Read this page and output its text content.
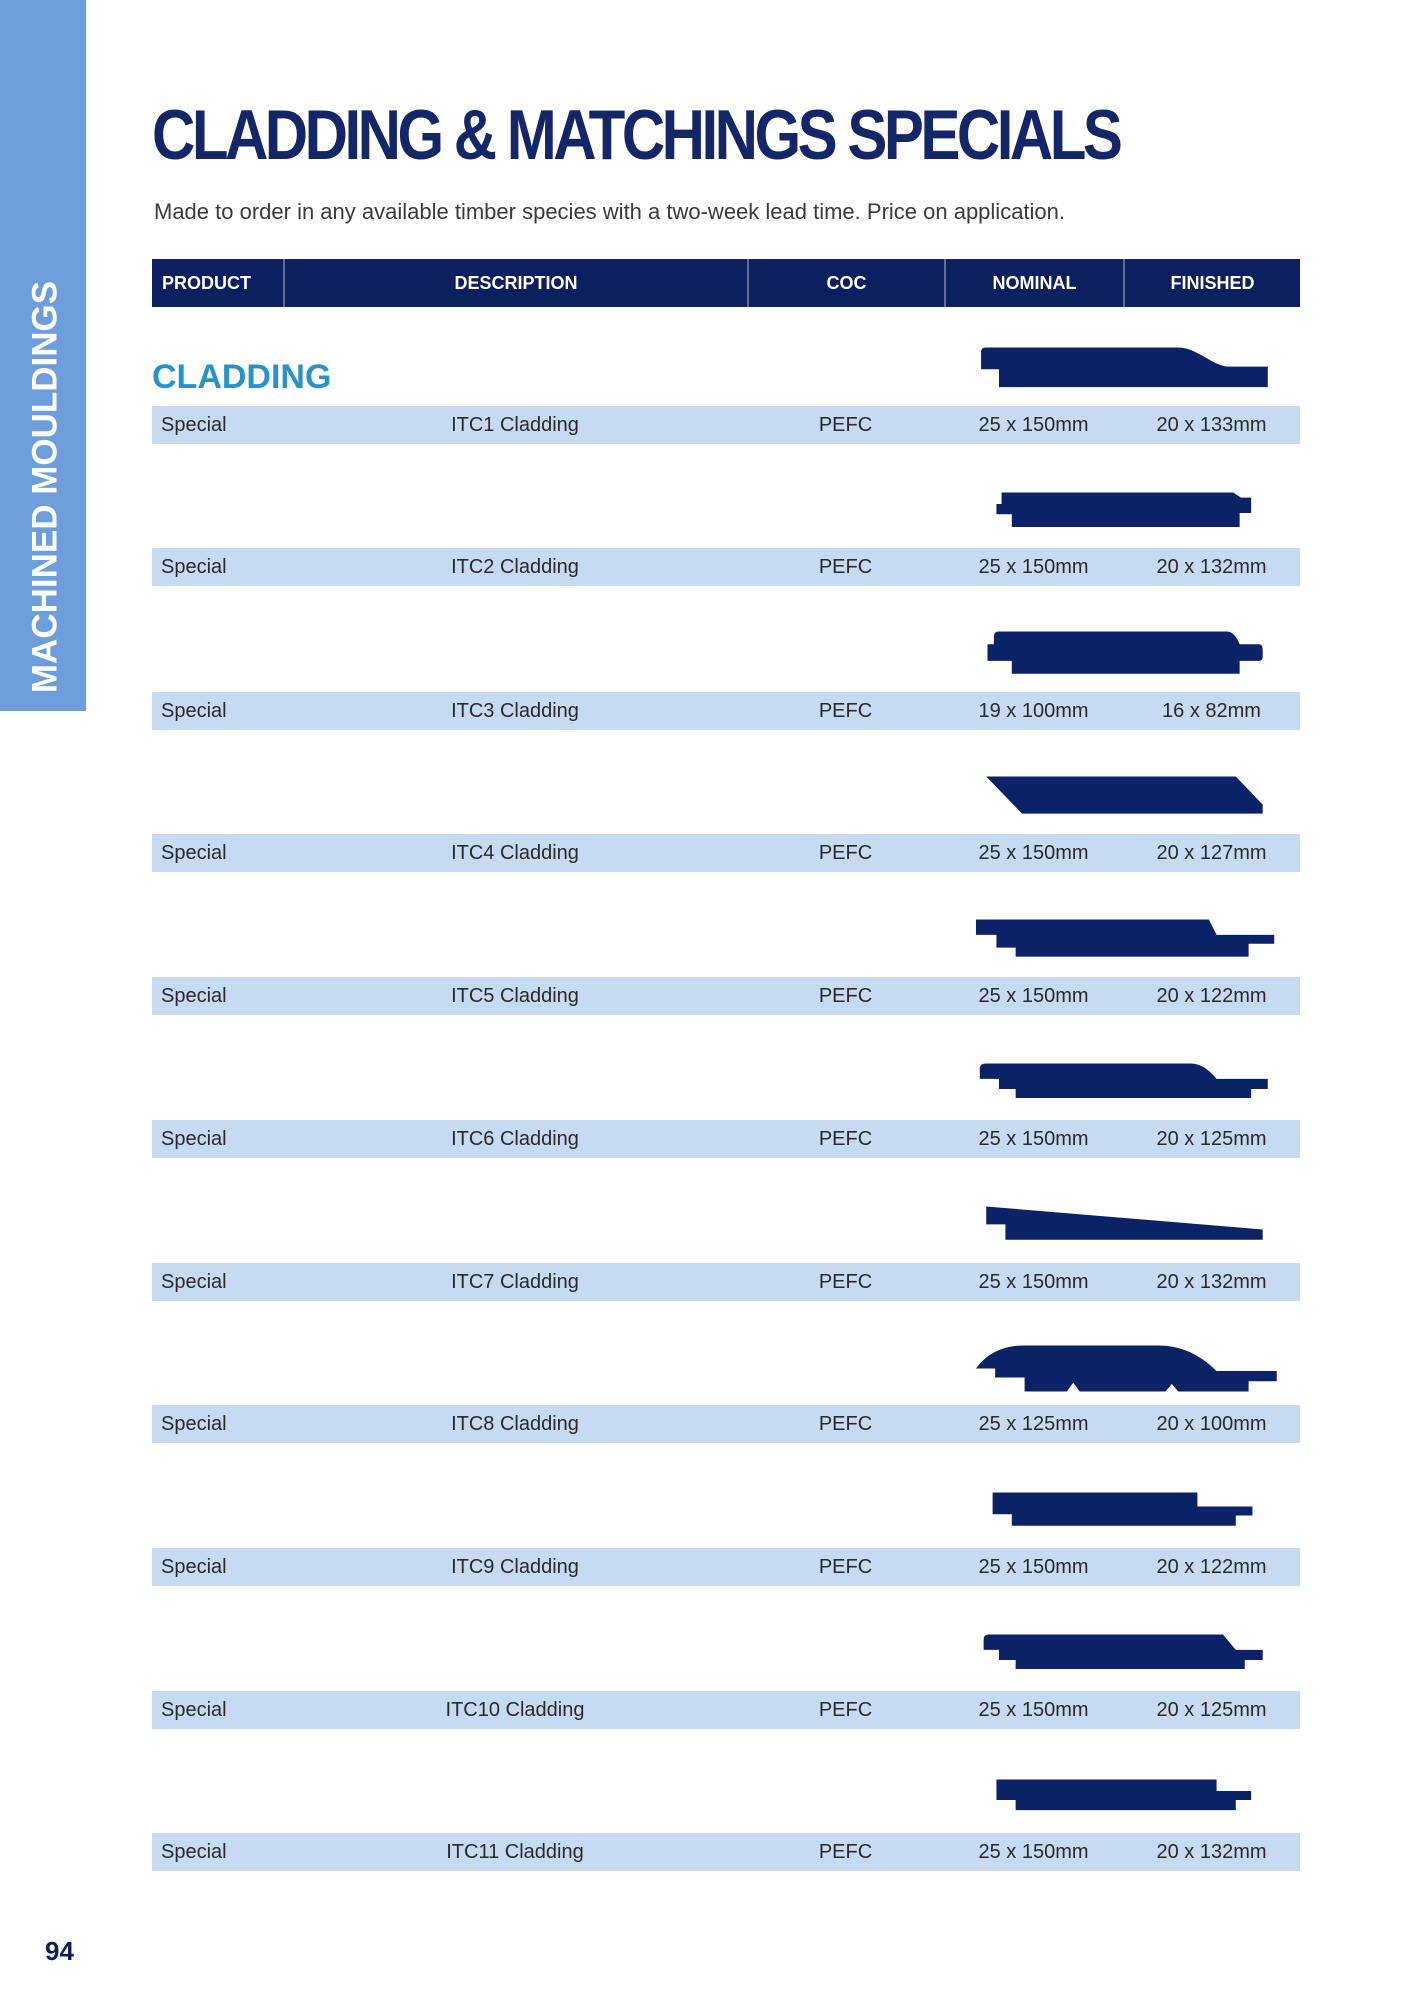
MACHINED MOULDINGS
CLADDING & MATCHINGS SPECIALS
Made to order in any available timber species with a two-week lead time. Price on application.
PRODUCT	DESCRIPTION	COC	NOMINAL	FINISHED
CLADDING
Special	ITC1 Cladding	PEFC	25 x 150mm	20 x 133mm
Special	ITC2 Cladding	PEFC	25 x 150mm	20 x 132mm
Special	ITC3 Cladding	PEFC	19 x 100mm	16 x 82mm
Special	ITC4 Cladding	PEFC	25 x 150mm	20 x 127mm
Special	ITC5 Cladding	PEFC	25 x 150mm	20 x 122mm
Special	ITC6 Cladding	PEFC	25 x 150mm	20 x 125mm
Special	ITC7 Cladding	PEFC	25 x 150mm	20 x 132mm
Special	ITC8 Cladding	PEFC	25 x 125mm	20 x 100mm
Special	ITC9 Cladding	PEFC	25 x 150mm	20 x 122mm
Special	ITC10 Cladding	PEFC	25 x 150mm	20 x 125mm
Special	ITC11 Cladding	PEFC	25 x 150mm	20 x 132mm
94
